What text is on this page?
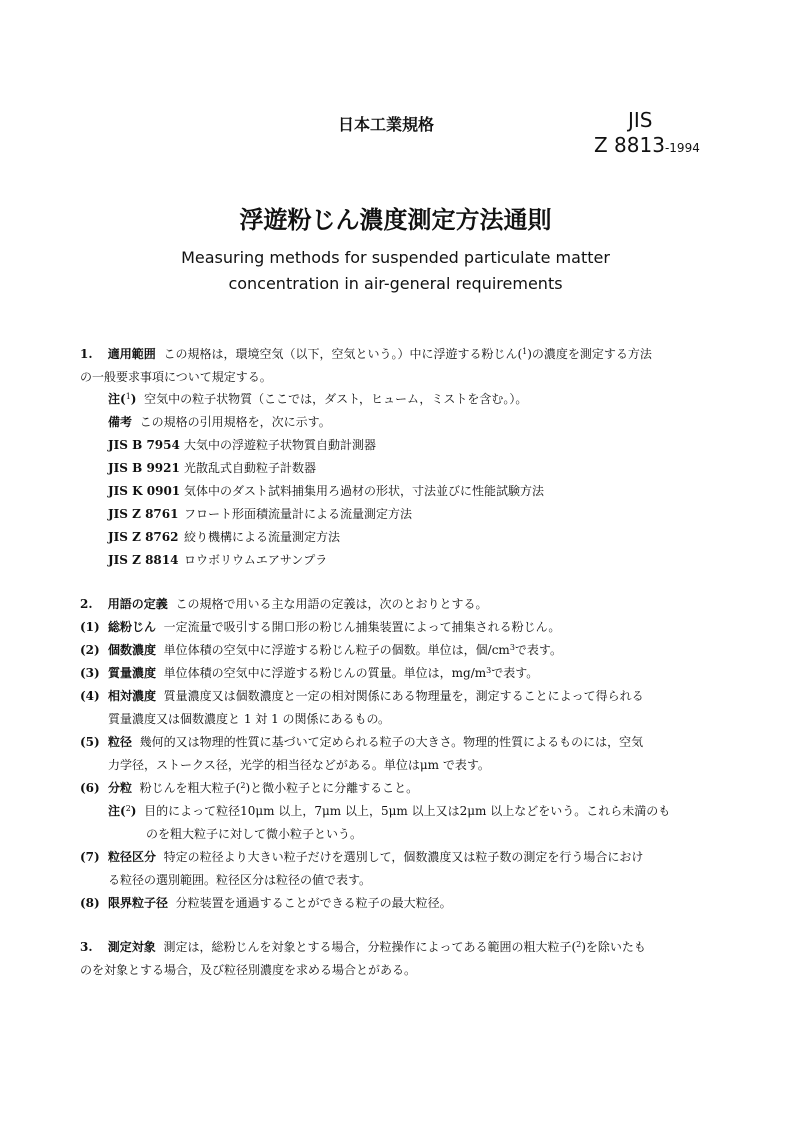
日本工業規格	JIS
Z 8813-1994
浮遊粉じん濃度測定方法通則
Measuring methods for suspended particulate matter
concentration in air-general requirements
1. 適用範囲 この規格は，環境空気（以下，空気という。）中に浮遊する粉じん($^1$)の濃度を測定する方法
の一般要求事項について規定する。
注($^1$) 空気中の粒子状物質（ここでは，ダスト，ヒューム，ミストを含む。）。
備考 この規格の引用規格を，次に示す。
JIS B 7954 大気中の浮遊粒子状物質自動計測器
JIS B 9921 光散乱式自動粒子計数器
JIS K 0901 気体中のダスト試料捕集用ろ過材の形状，寸法並びに性能試験方法
JIS Z 8761 フロート形面積流量計による流量測定方法
JIS Z 8762 絞り機構による流量測定方法
JIS Z 8814 ロウボリウムエアサンプラ
2. 用語の定義 この規格で用いる主な用語の定義は，次のとおりとする。
(1) 総粉じん 一定流量で吸引する開口形の粉じん捕集装置によって捕集される粉じん。
(2) 個数濃度 単位体積の空気中に浮遊する粉じん粒子の個数。単位は，個$/cm^3$で表す。
(3) 質量濃度 単位体積の空気中に浮遊する粉じんの質量。単位は，$mg/m^3$で表す。
(4) 相対濃度 質量濃度又は個数濃度と一定の相対関係にある物理量を，測定することによって得られる
質量濃度又は個数濃度と 1 対 1 の関係にあるもの。
(5) 粒径 幾何的又は物理的性質に基づいて定められる粒子の大きさ。物理的性質によるものには，空気
力学径，ストークス径，光学的相当径などがある。単位はμm で表す。
(6) 分粒 粉じんを粗大粒子($^2$)と微小粒子とに分離すること。
注($^2$) 目的によって粒径10μm 以上，7μm 以上，5μm 以上又は2μm 以上などをいう。これら未満のも
のを粗大粒子に対して微小粒子という。
(7) 粒径区分 特定の粒径より大きい粒子だけを選別して，個数濃度又は粒子数の測定を行う場合におけ
る粒径の選別範囲。粒径区分は粒径の値で表す。
(8) 限界粒子径 分粒装置を通過することができる粒子の最大粒径。
3. 測定対象 測定は，総粉じんを対象とする場合，分粒操作によってある範囲の粗大粒子($^2$)を除いたも
のを対象とする場合，及び粒径別濃度を求める場合とがある。
